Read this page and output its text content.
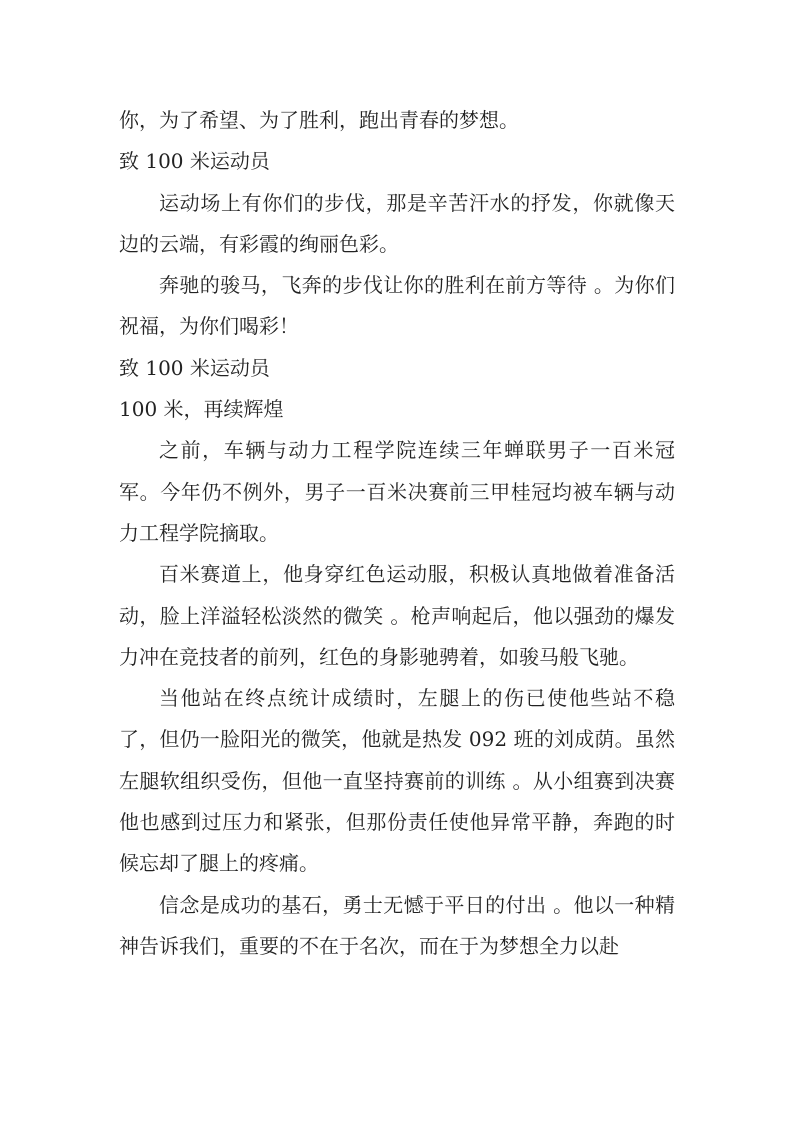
你，为了希望、为了胜利，跑出青春的梦想。

致 100 米运动员

运动场上有你们的步伐，那是辛苦汗水的抒发，你就像天边的云端，有彩霞的绚丽色彩。

奔驰的骏马，飞奔的步伐让你的胜利在前方等待 。为你们祝福，为你们喝彩！

致 100 米运动员

100 米，再续辉煌

之前，车辆与动力工程学院连续三年蝉联男子一百米冠军。今年仍不例外，男子一百米决赛前三甲桂冠均被车辆与动力工程学院摘取。

百米赛道上，他身穿红色运动服，积极认真地做着准备活动，脸上洋溢轻松淡然的微笑 。枪声响起后，他以强劲的爆发力冲在竞技者的前列，红色的身影驰骋着，如骏马般飞驰。

当他站在终点统计成绩时，左腿上的伤已使他些站不稳了，但仍一脸阳光的微笑，他就是热发 092 班的刘成荫。虽然左腿软组织受伤，但他一直坚持赛前的训练 。从小组赛到决赛他也感到过压力和紧张，但那份责任使他异常平静，奔跑的时候忘却了腿上的疼痛。

信念是成功的基石，勇士无憾于平日的付出 。他以一种精神告诉我们，重要的不在于名次，而在于为梦想全力以赴
